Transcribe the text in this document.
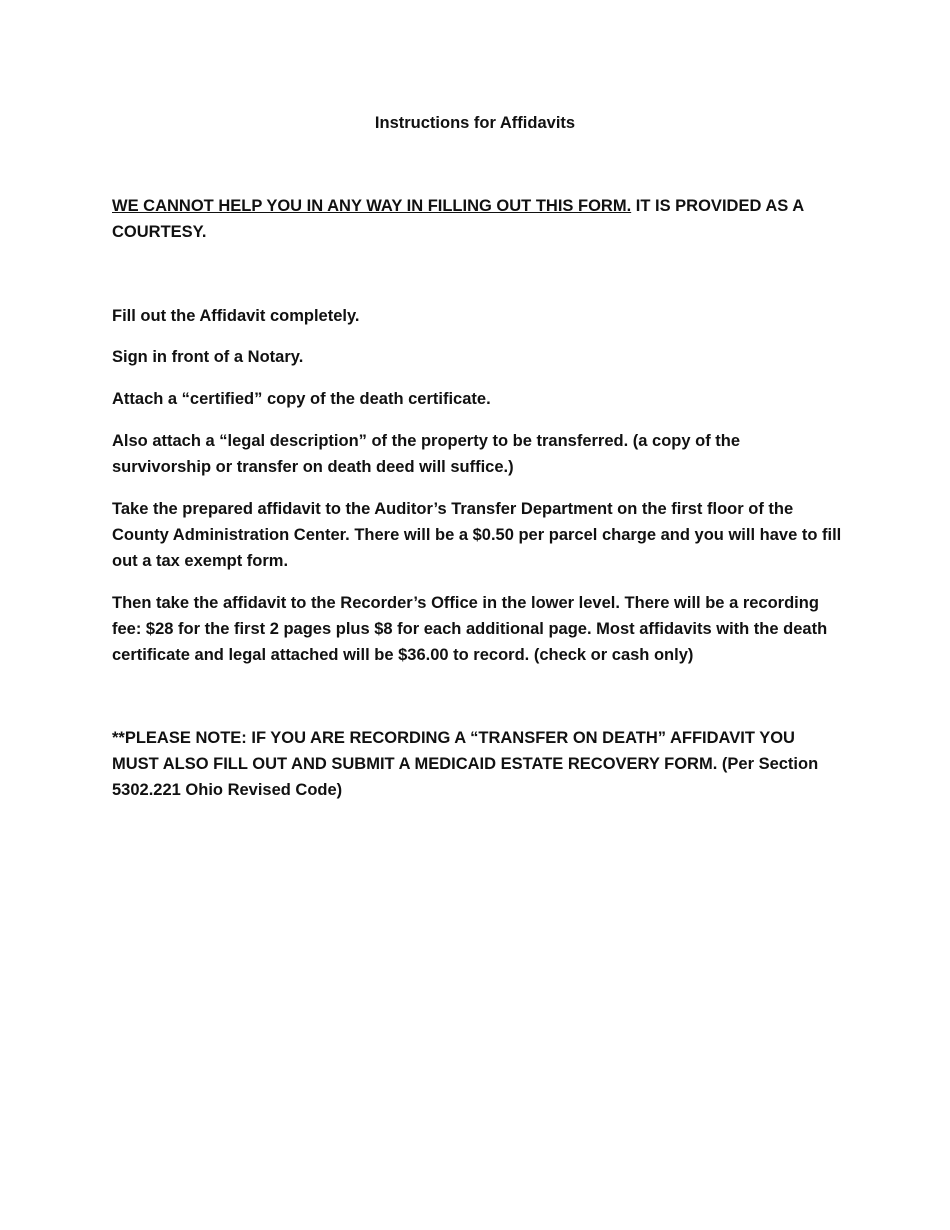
Instructions for Affidavits
WE CANNOT HELP YOU IN ANY WAY IN FILLING OUT THIS FORM. IT IS PROVIDED AS A COURTESY.

Fill out the Affidavit completely.

Sign in front of a Notary.

Attach a “certified” copy of the death certificate.

Also attach a “legal description” of the property to be transferred. (a copy of the survivorship or transfer on death deed will suffice.)

Take the prepared affidavit to the Auditor’s Transfer Department on the first floor of the County Administration Center. There will be a $0.50 per parcel charge and you will have to fill out a tax exempt form.

Then take the affidavit to the Recorder’s Office in the lower level. There will be a recording fee: $28 for the first 2 pages plus $8 for each additional page. Most affidavits with the death certificate and legal attached will be $36.00 to record. (check or cash only)

**PLEASE NOTE: IF YOU ARE RECORDING A “TRANSFER ON DEATH” AFFIDAVIT YOU MUST ALSO FILL OUT AND SUBMIT A MEDICAID ESTATE RECOVERY FORM. (Per Section 5302.221 Ohio Revised Code)
